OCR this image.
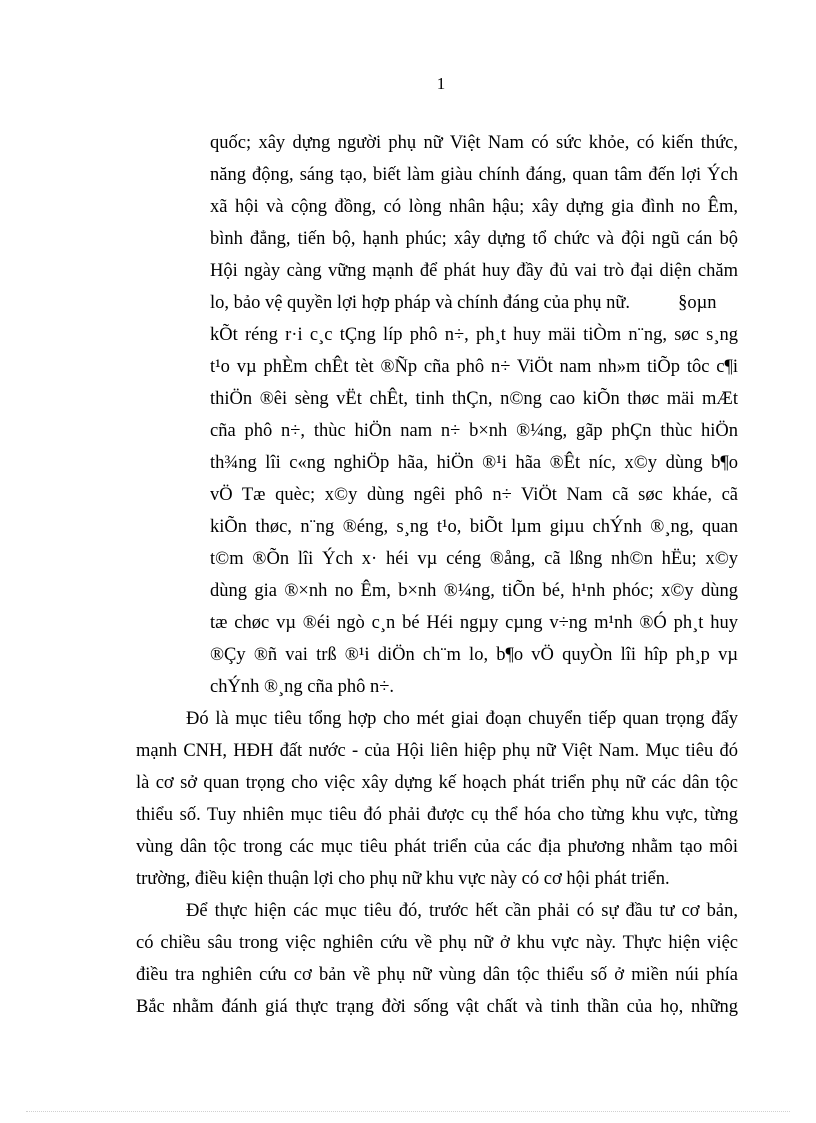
1
quốc; xây dựng người phụ nữ Việt Nam có sức khỏe, có kiến thức,
năng động, sáng tạo, biết làm giàu chính đáng, quan tâm đến lợi Ých
xã hội và cộng đồng, có lòng nhân hậu; xây dựng gia đình no Êm,
bình đẳng, tiến bộ, hạnh phúc; xây dựng tổ chức và đội ngũ cán bộ
Hội ngày càng vững mạnh để phát huy đầy đủ vai trò đại diện chăm
lo, bảo vệ quyền lợi hợp pháp và chính đáng của phụ nữ.	§oµn
kÕt réng r·i c¸c tÇng líp phô n÷, ph¸t huy mäi tiÒm n¨ng, søc s¸ng
t¹o vµ phÈm chÊt tèt ®Ñp cña phô n÷ ViÖt nam nh»m tiÕp tôc c¶i
thiÖn ®êi sèng vËt chÊt, tinh thÇn, n©ng cao kiÕn thøc mäi mÆt
cña phô n÷, thùc hiÖn nam n÷ b×nh ®¼ng, gãp phÇn thùc hiÖn
th¾ng lîi c«ng nghiÖp hãa, hiÖn ®¹i hãa ®Êt níc, x©y dùng b¶o
vÖ Tæ quèc; x©y dùng ngêi phô n÷ ViÖt Nam cã søc kháe, cã
kiÕn thøc, n¨ng ®éng, s¸ng t¹o, biÕt lµm giµu chÝnh ®¸ng, quan
t©m ®Õn lîi Ých x· héi vµ céng ®ång, cã lßng nh©n hËu; x©y
dùng gia ®×nh no Êm, b×nh ®¼ng, tiÕn bé, h¹nh phóc; x©y dùng
tæ chøc vµ ®éi ngò c¸n bé Héi ngµy cµng v÷ng m¹nh ®Ó ph¸t huy
®Çy ®ñ vai trß ®¹i diÖn ch¨m lo, b¶o vÖ quyÒn lîi hîp ph¸p vµ
chÝnh ®¸ng cña phô n÷.
Đó là mục tiêu tổng hợp cho mét giai đoạn chuyển tiếp quan trọng đẩy
mạnh CNH, HĐH đất nước - của Hội liên hiệp phụ nữ Việt Nam. Mục tiêu đó
là cơ sở quan trọng cho việc xây dựng kế hoạch phát triển phụ nữ các dân tộc
thiểu số. Tuy nhiên mục tiêu đó phải được cụ thể hóa cho từng khu vực, từng
vùng dân tộc trong các mục tiêu phát triển của các địa phương nhằm tạo môi
trường, điều kiện thuận lợi cho phụ nữ khu vực này có cơ hội phát triển.
Để thực hiện các mục tiêu đó, trước hết cần phải có sự đầu tư cơ bản,
có chiều sâu trong việc nghiên cứu về phụ nữ ở khu vực này. Thực hiện việc
điều tra nghiên cứu cơ bản về phụ nữ vùng dân tộc thiểu số ở miền núi phía
Bắc nhằm đánh giá thực trạng đời sống vật chất và tinh thần của họ, những
